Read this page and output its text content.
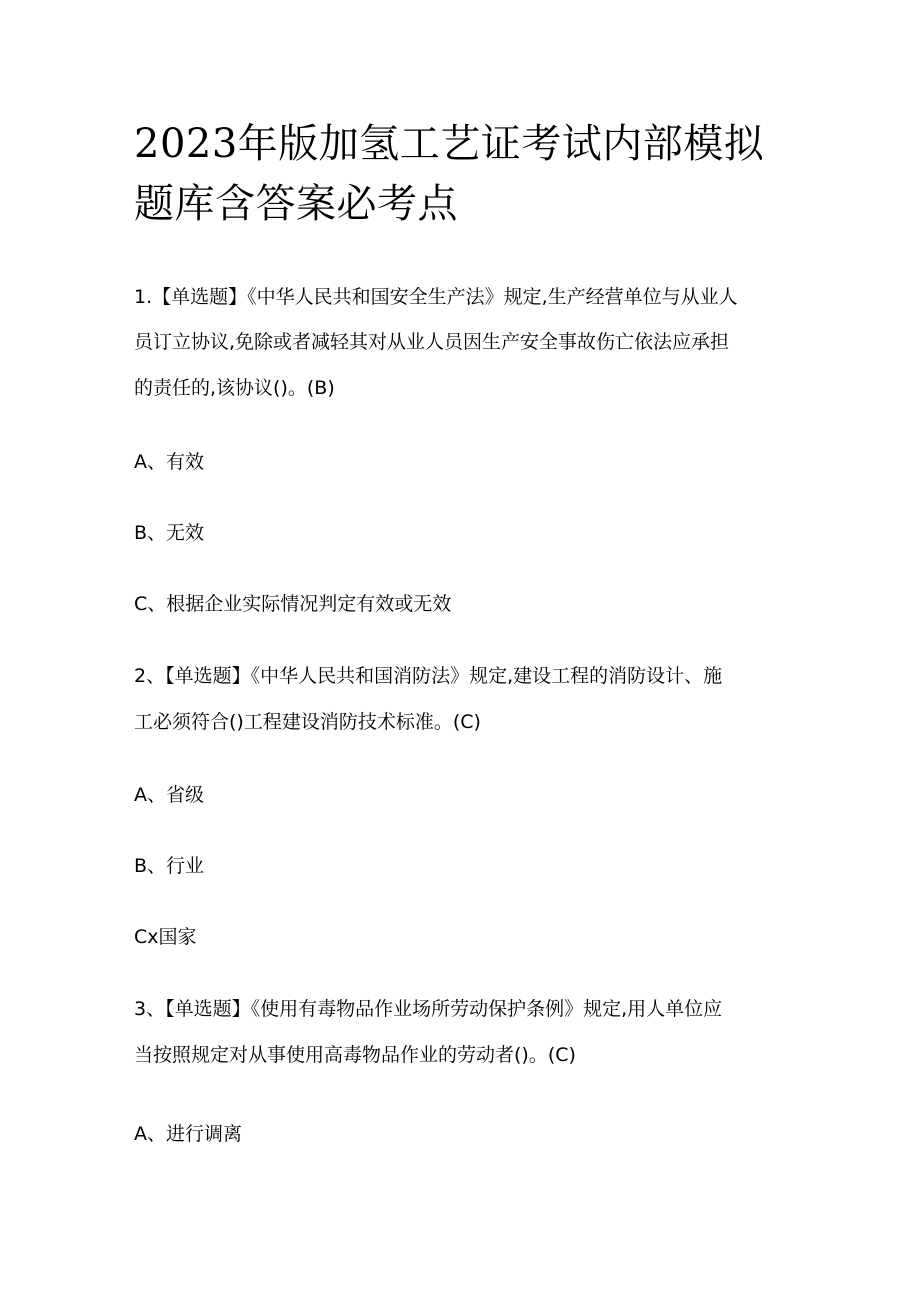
2023年版加氢工艺证考试内部模拟
题库含答案必考点
1.【单选题】《中华人民共和国安全生产法》规定,生产经营单位与从业人
员订立协议,免除或者减轻其对从业人员因生产安全事故伤亡依法应承担
的责任的,该协议()。(B)
A、有效
B、无效
C、根据企业实际情况判定有效或无效
2、【单选题】《中华人民共和国消防法》规定,建设工程的消防设计、施
工必须符合()工程建设消防技术标准。(C)
A、省级
B、行业
Cx国家
3、【单选题】《使用有毒物品作业场所劳动保护条例》规定,用人单位应
当按照规定对从事使用高毒物品作业的劳动者()。(C)
A、进行调离
